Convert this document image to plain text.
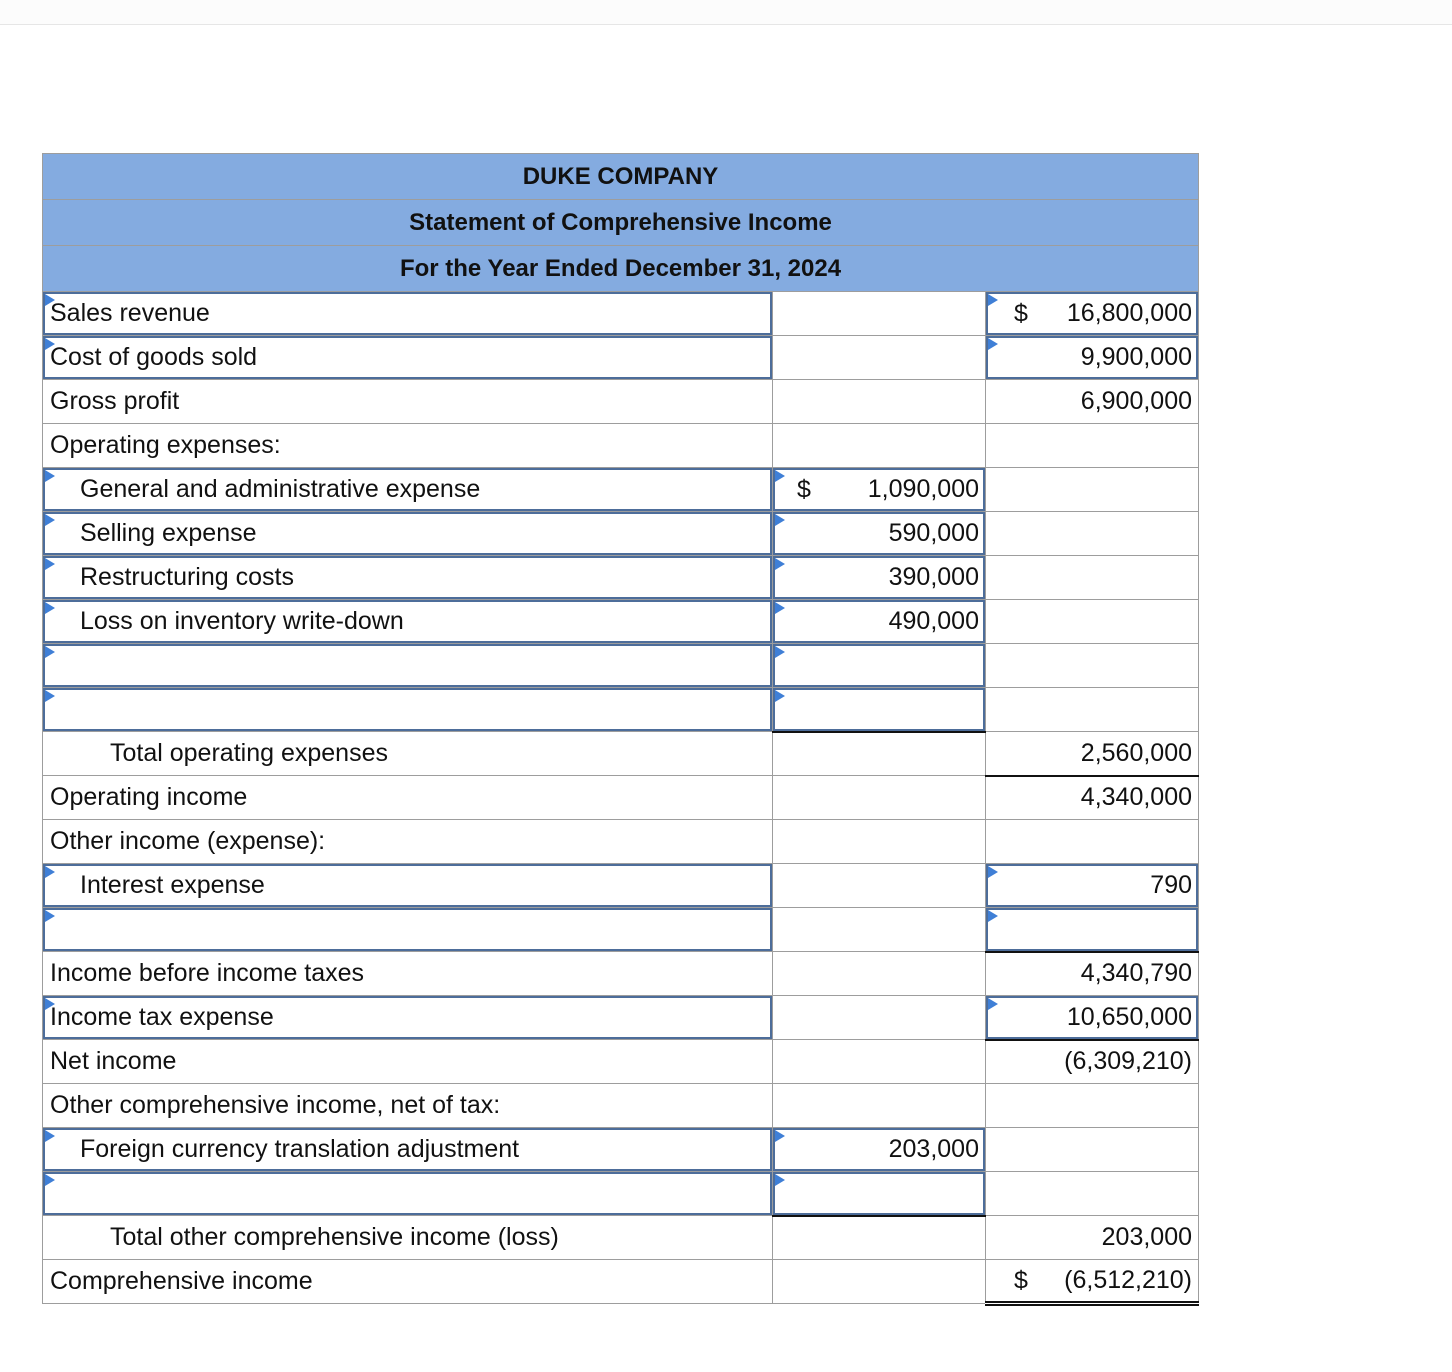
DUKE COMPANY		
Statement of Comprehensive Income		
For the Year Ended December 31, 2024		
Sales revenue		$ 16,800,000
Cost of goods sold		9,900,000
Gross profit		6,900,000
Operating expenses:		
General and administrative expense	$ 1,090,000	
Selling expense	590,000	
Restructuring costs	390,000	
Loss on inventory write-down	490,000	

Total operating expenses		2,560,000
Operating income		4,340,000
Other income (expense):		
Interest expense		790

Income before income taxes		4,340,790
Income tax expense		10,650,000
Net income		(6,309,210)
Other comprehensive income, net of tax:		
Foreign currency translation adjustment	203,000	

Total other comprehensive income (loss)		203,000
Comprehensive income		$ (6,512,210)
